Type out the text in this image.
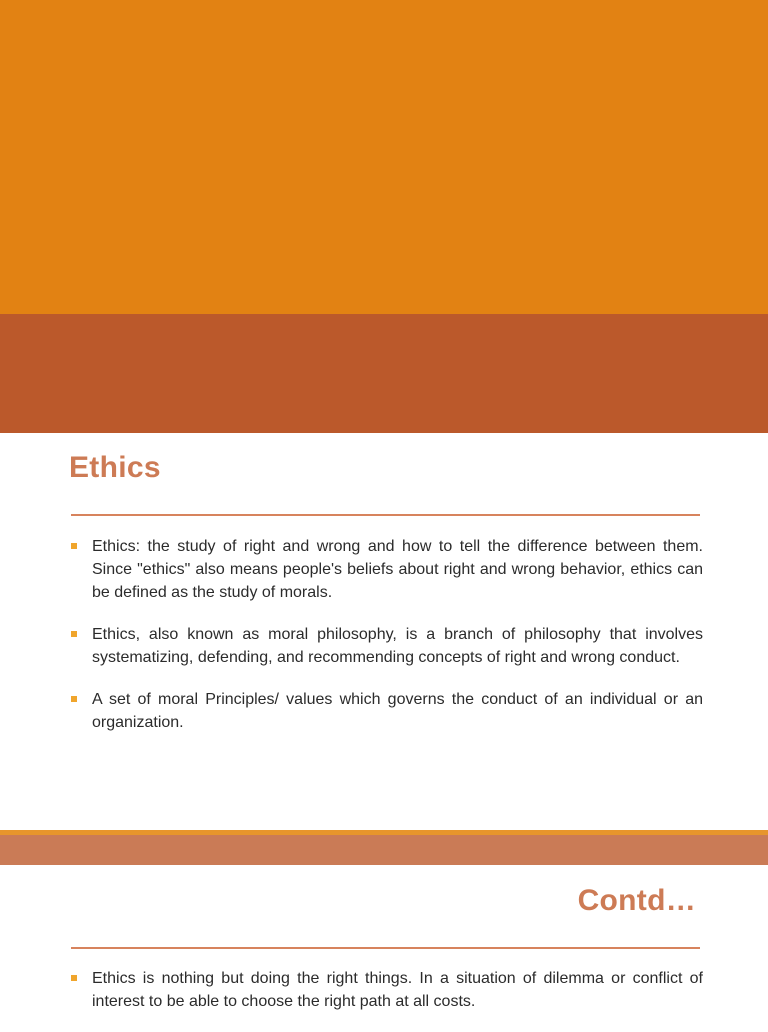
Ethics
Ethics: the study of right and wrong and how to tell the difference between them. Since "ethics" also means people's beliefs about right and wrong behavior, ethics can be defined as the study of morals.
Ethics, also known as moral philosophy, is a branch of philosophy that involves systematizing, defending, and recommending concepts of right and wrong conduct.
A set of moral Principles/ values which governs the conduct of an individual or an organization.
Contd…
Ethics is nothing but doing the right things. In a situation of dilemma or conflict of interest to be able to choose the right path at all costs.
